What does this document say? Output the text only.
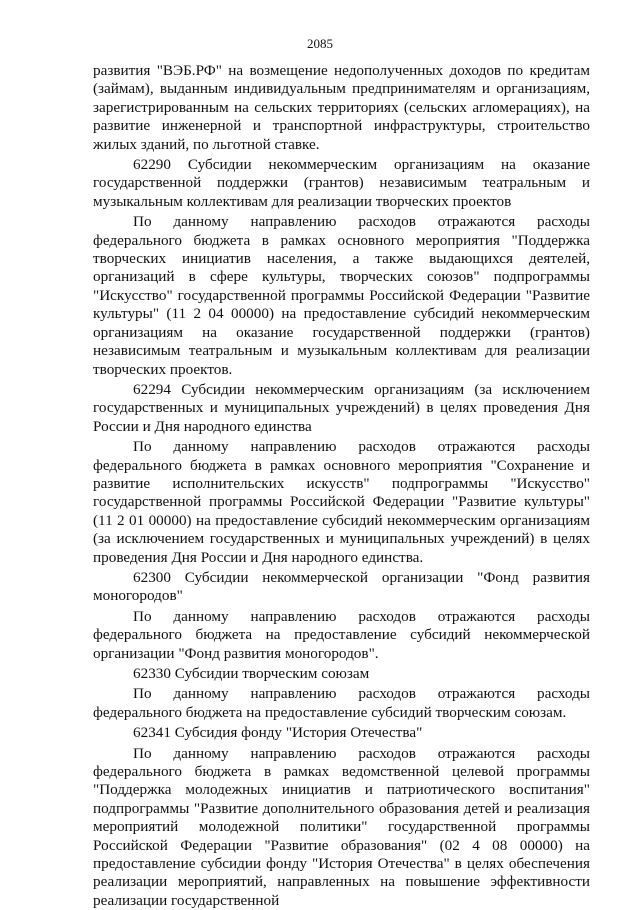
2085

развития "ВЭБ.РФ" на возмещение недополученных доходов по кредитам (займам), выданным индивидуальным предпринимателям и организациям, зарегистрированным на сельских территориях (сельских агломерациях), на развитие инженерной и транспортной инфраструктуры, строительство жилых зданий, по льготной ставке.

62290 Субсидии некоммерческим организациям на оказание государственной поддержки (грантов) независимым театральным и музыкальным коллективам для реализации творческих проектов

По данному направлению расходов отражаются расходы федерального бюджета в рамках основного мероприятия "Поддержка творческих инициатив населения, а также выдающихся деятелей, организаций в сфере культуры, творческих союзов" подпрограммы "Искусство" государственной программы Российской Федерации "Развитие культуры" (11 2 04 00000) на предоставление субсидий некоммерческим организациям на оказание государственной поддержки (грантов) независимым театральным и музыкальным коллективам для реализации творческих проектов.

62294 Субсидии некоммерческим организациям (за исключением государственных и муниципальных учреждений) в целях проведения Дня России и Дня народного единства

По данному направлению расходов отражаются расходы федерального бюджета в рамках основного мероприятия "Сохранение и развитие исполнительских искусств" подпрограммы "Искусство" государственной программы Российской Федерации "Развитие культуры" (11 2 01 00000) на предоставление субсидий некоммерческим организациям (за исключением государственных и муниципальных учреждений) в целях проведения Дня России и Дня народного единства.

62300 Субсидии некоммерческой организации "Фонд развития моногородов"

По данному направлению расходов отражаются расходы федерального бюджета на предоставление субсидий некоммерческой организации "Фонд развития моногородов".

62330 Субсидии творческим союзам

По данному направлению расходов отражаются расходы федерального бюджета на предоставление субсидий творческим союзам.

62341 Субсидия фонду "История Отечества"

По данному направлению расходов отражаются расходы федерального бюджета в рамках ведомственной целевой программы "Поддержка молодежных инициатив и патриотического воспитания" подпрограммы "Развитие дополнительного образования детей и реализация мероприятий молодежной политики" государственной программы Российской Федерации "Развитие образования" (02 4 08 00000) на предоставление субсидии фонду "История Отечества" в целях обеспечения реализации мероприятий, направленных на повышение эффективности реализации государственной
